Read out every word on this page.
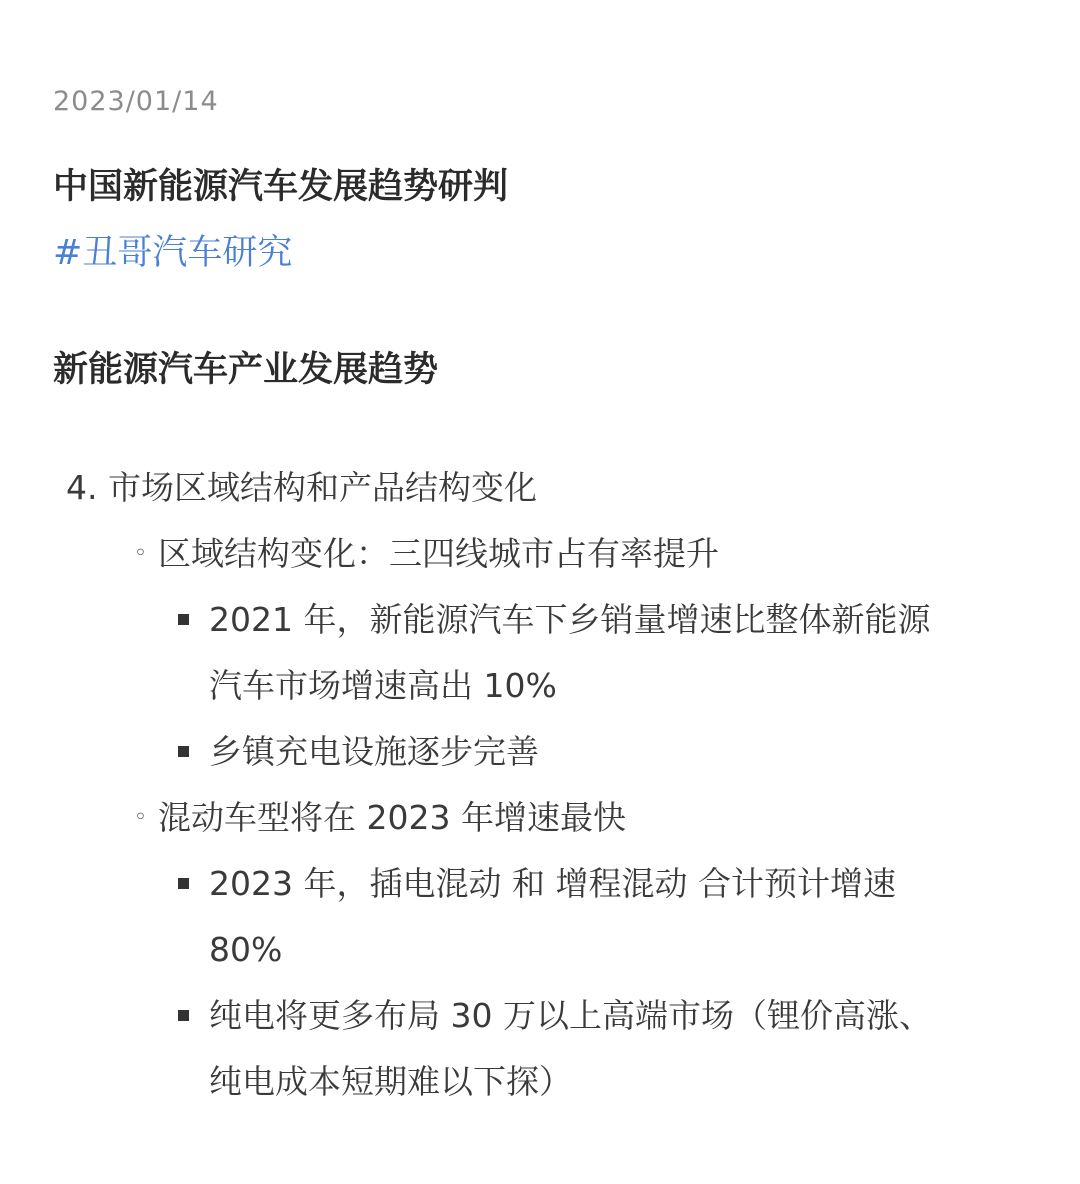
2023/01/14
中国新能源汽车发展趋势研判
#丑哥汽车研究
新能源汽车产业发展趋势
4. 市场区域结构和产品结构变化
◦ 区域结构变化：三四线城市占有率提升
2021 年，新能源汽车下乡销量增速比整体新能源
汽车市场增速高出 10%
乡镇充电设施逐步完善
◦ 混动车型将在 2023 年增速最快
2023 年，插电混动 和 增程混动 合计预计增速
80%
纯电将更多布局 30 万以上高端市场（锂价高涨、
纯电成本短期难以下探）
